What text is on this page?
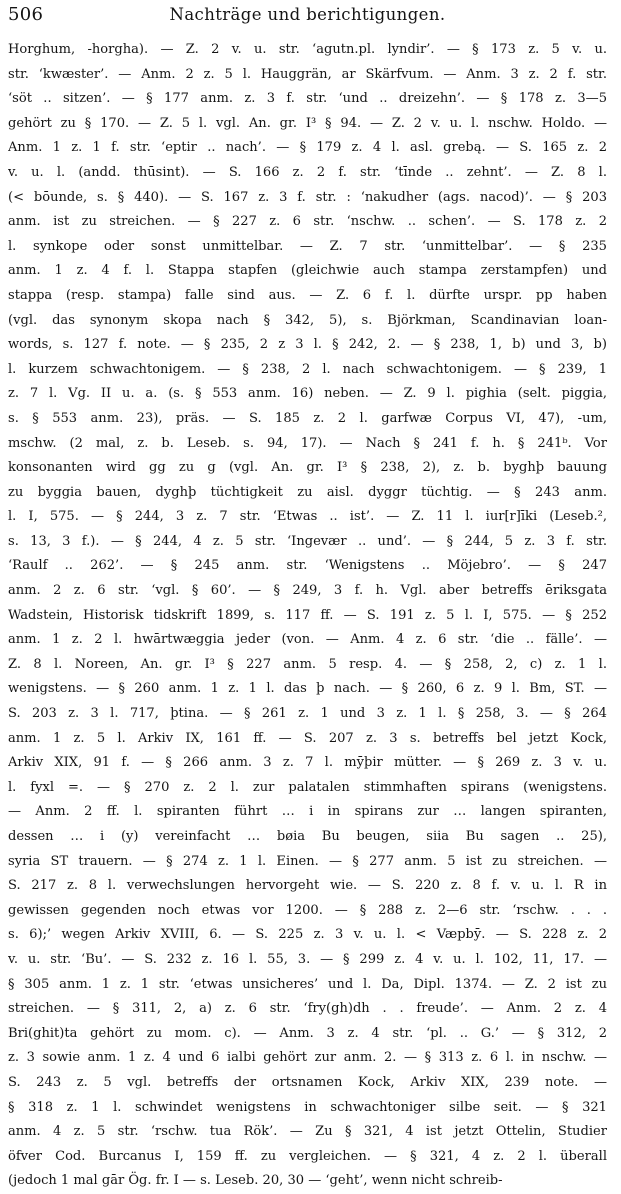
506	Nachträge und berichtigungen.
Horghum, -horgha). — Z. 2 v. u. str. ‘agutn.pl. lyndir’. — § 173 z. 5 v. u.
str. ‘kwæster’. — Anm. 2 z. 5 l. Hauggrän, ar Skärfvum. — Anm. 3 z. 2 f. str.
‘söt .. sitzen’. — § 177 anm. z. 3 f. str. ‘und .. dreizehn’. — § 178 z. 3—5
gehört zu § 170. — Z. 5 l. vgl. An. gr. I³ § 94. — Z. 2 v. u. l. nschw. Holdo. —
Anm. 1 z. 1 f. str. ‘eptir .. nach’. — § 179 z. 4 l. asl. grebą. — S. 165 z. 2
v. u. l. (andd. thūsint). — S. 166 z. 2 f. str. ‘tīnde .. zehnt’. — Z. 8 l.
(< bōunde, s. § 440). — S. 167 z. 3 f. str. : ‘nakudher (ags. nacod)’. — § 203
anm. ist zu streichen. — § 227 z. 6 str. ‘nschw. .. schen’. — S. 178 z. 2
l. synkope oder sonst unmittelbar. — Z. 7 str. ‘unmittelbar’. — § 235
anm. 1 z. 4 f. l. Stappa stapfen (gleichwie auch stampa zerstampfen) und
stappa (resp. stampa) falle sind aus. — Z. 6 f. l. dürfte urspr. pp haben
(vgl. das synonym skopa nach § 342, 5), s. Björkman, Scandinavian loan-
words, s. 127 f. note. — § 235, 2 z 3 l. § 242, 2. — § 238, 1, b) und 3, b)
l. kurzem schwachtonigem. — § 238, 2 l. nach schwachtonigem. — § 239, 1
z. 7 l. Vg. II u. a. (s. § 553 anm. 16) neben. — Z. 9 l. pighia (selt. piggia,
s. § 553 anm. 23), präs. — S. 185 z. 2 l. garfwæ Corpus VI, 47), -um,
mschw. (2 mal, z. b. Leseb. s. 94, 17). — Nach § 241 f. h. § 241ᵇ. Vor
konsonanten wird gg zu g (vgl. An. gr. I³ § 238, 2), z. b. byghþ bauung
zu byggia bauen, dyghþ tüchtigkeit zu aisl. dyggr tüchtig. — § 243 anm.
l. I, 575. — § 244, 3 z. 7 str. ‘Etwas .. ist’. — Z. 11 l. iur[r]īki (Leseb.²,
s. 13, 3 f.). — § 244, 4 z. 5 str. ‘Ingevær .. und’. — § 244, 5 z. 3 f. str.
‘Raulf .. 262’. — § 245 anm. str. ‘Wenigstens .. Möjebro’. — § 247
anm. 2 z. 6 str. ‘vgl. § 60’. — § 249, 3 f. h. Vgl. aber betreffs ēriksgata
Wadstein, Historisk tidskrift 1899, s. 117 ff. — S. 191 z. 5 l. I, 575. — § 252
anm. 1 z. 2 l. hwārtwæggia jeder (von. — Anm. 4 z. 6 str. ‘die .. fälle’. —
Z. 8 l. Noreen, An. gr. I³ § 227 anm. 5 resp. 4. — § 258, 2, c) z. 1 l.
wenigstens. — § 260 anm. 1 z. 1 l. das þ nach. — § 260, 6 z. 9 l. Bm, ST. —
S. 203 z. 3 l. 717, þtina. — § 261 z. 1 und 3 z. 1 l. § 258, 3. — § 264
anm. 1 z. 5 l. Arkiv IX, 161 ff. — S. 207 z. 3 s. betreffs bel jetzt Kock,
Arkiv XIX, 91 f. — § 266 anm. 3 z. 7 l. mȳþir mütter. — § 269 z. 3 v. u.
l. fyxl =. — § 270 z. 2 l. zur palatalen stimmhaften spirans (wenigstens.
— Anm. 2 ff. l. spiranten führt … i in spirans zur … langen spiranten,
dessen … i (y) vereinfacht … bøia Bu beugen, siia Bu sagen .. 25),
syria ST trauern. — § 274 z. 1 l. Einen. — § 277 anm. 5 ist zu streichen. —
S. 217 z. 8 l. verwechslungen hervorgeht wie. — S. 220 z. 8 f. v. u. l. R in
gewissen gegenden noch etwas vor 1200. — § 288 z. 2—6 str. ‘rschw. . . .
s. 6);’ wegen Arkiv XVIII, 6. — S. 225 z. 3 v. u. l. < Væpbȳ. — S. 228 z. 2
v. u. str. ‘Bu’. — S. 232 z. 16 l. 55, 3. — § 299 z. 4 v. u. l. 102, 11, 17. —
§ 305 anm. 1 z. 1 str. ‘etwas unsicheres’ und l. Da, Dipl. 1374. — Z. 2 ist zu
streichen. — § 311, 2, a) z. 6 str. ‘fry(gh)dh . . freude’. — Anm. 2 z. 4
Bri(ghit)ta gehört zu mom. c). — Anm. 3 z. 4 str. ‘pl. .. G.’ — § 312, 2
z. 3 sowie anm. 1 z. 4 und 6 ialbi gehört zur anm. 2. — § 313 z. 6 l. in nschw. —
S. 243 z. 5 vgl. betreffs der ortsnamen Kock, Arkiv XIX, 239 note. —
§ 318 z. 1 l. schwindet wenigstens in schwachtoniger silbe seit. — § 321
anm. 4 z. 5 str. ‘rschw. tua Rök’. — Zu § 321, 4 ist jetzt Ottelin, Studier
öfver Cod. Burcanus I, 159 ff. zu vergleichen. — § 321, 4 z. 2 l. überall
(jedoch 1 mal gār Ög. fr. I — s. Leseb. 20, 30 — ‘geht’, wenn nicht schreib-
